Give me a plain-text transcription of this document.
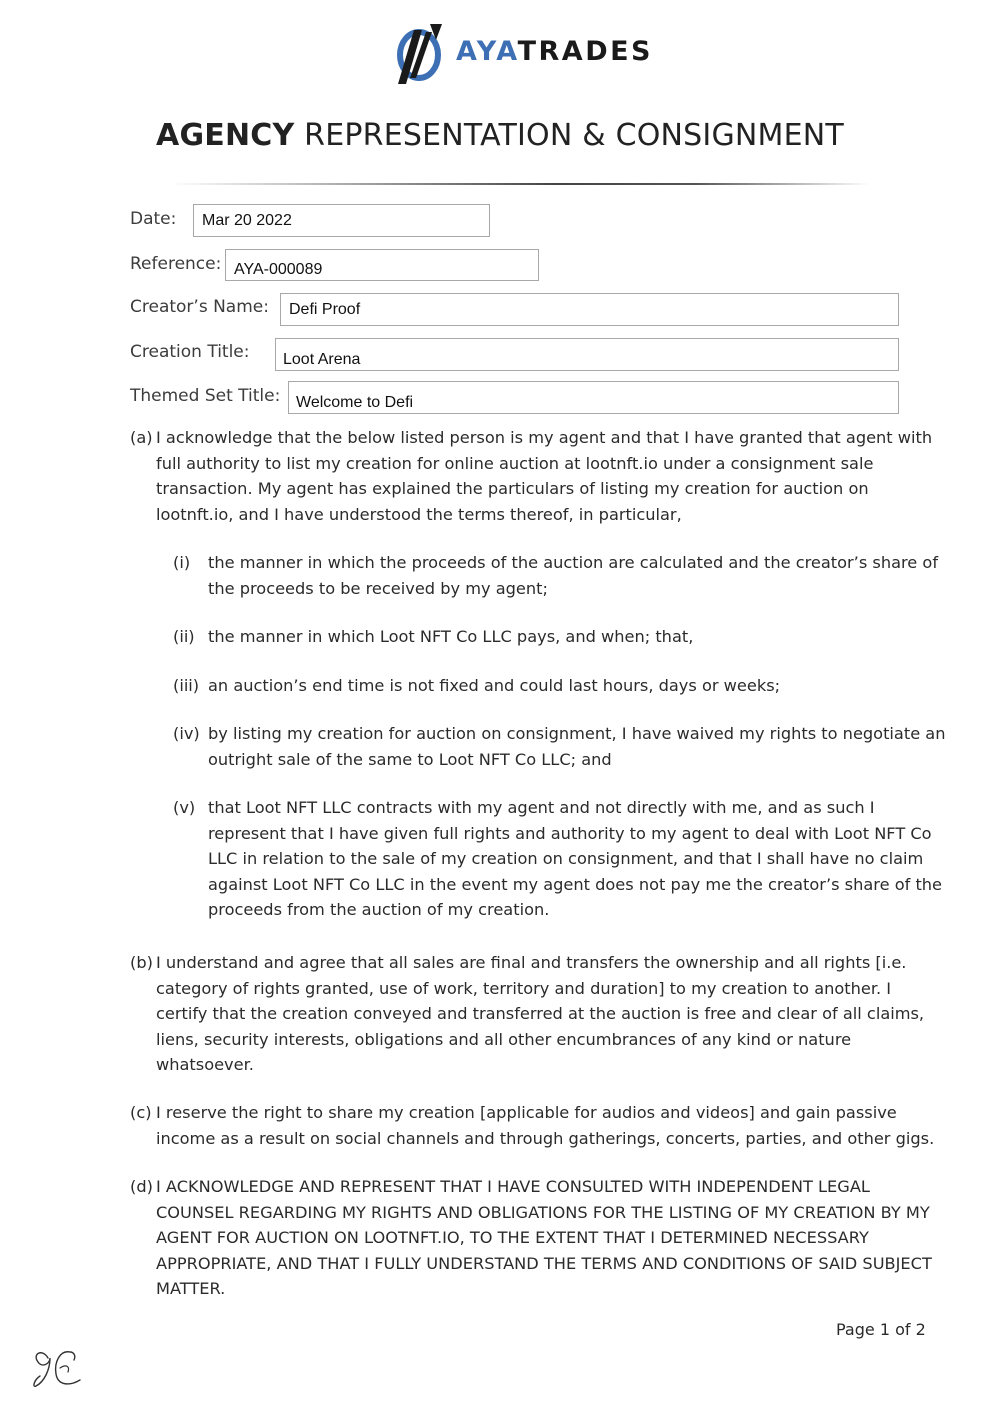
AYATRADES
AGENCY REPRESENTATION & CONSIGNMENT
Date: Mar 20 2022
Reference: AYA-000089
Creator’s Name: Defi Proof
Creation Title: Loot Arena
Themed Set Title: Welcome to Defi
(a) I acknowledge that the below listed person is my agent and that I have granted that agent with full authority to list my creation for online auction at lootnft.io under a consignment sale transaction. My agent has explained the particulars of listing my creation for auction on lootnft.io, and I have understood the terms thereof, in particular,
(i) the manner in which the proceeds of the auction are calculated and the creator’s share of the proceeds to be received by my agent;
(ii) the manner in which Loot NFT Co LLC pays, and when; that,
(iii) an auction’s end time is not fixed and could last hours, days or weeks;
(iv) by listing my creation for auction on consignment, I have waived my rights to negotiate an outright sale of the same to Loot NFT Co LLC; and
(v) that Loot NFT LLC contracts with my agent and not directly with me, and as such I represent that I have given full rights and authority to my agent to deal with Loot NFT Co LLC in relation to the sale of my creation on consignment, and that I shall have no claim against Loot NFT Co LLC in the event my agent does not pay me the creator’s share of the proceeds from the auction of my creation.
(b) I understand and agree that all sales are final and transfers the ownership and all rights [i.e. category of rights granted, use of work, territory and duration] to my creation to another. I certify that the creation conveyed and transferred at the auction is free and clear of all claims, liens, security interests, obligations and all other encumbrances of any kind or nature whatsoever.
(c) I reserve the right to share my creation [applicable for audios and videos] and gain passive income as a result on social channels and through gatherings, concerts, parties, and other gigs.
(d) I ACKNOWLEDGE AND REPRESENT THAT I HAVE CONSULTED WITH INDEPENDENT LEGAL COUNSEL REGARDING MY RIGHTS AND OBLIGATIONS FOR THE LISTING OF MY CREATION BY MY AGENT FOR AUCTION ON LOOTNFT.IO, TO THE EXTENT THAT I DETERMINED NECESSARY APPROPRIATE, AND THAT I FULLY UNDERSTAND THE TERMS AND CONDITIONS OF SAID SUBJECT MATTER.
Page 1 of 2
